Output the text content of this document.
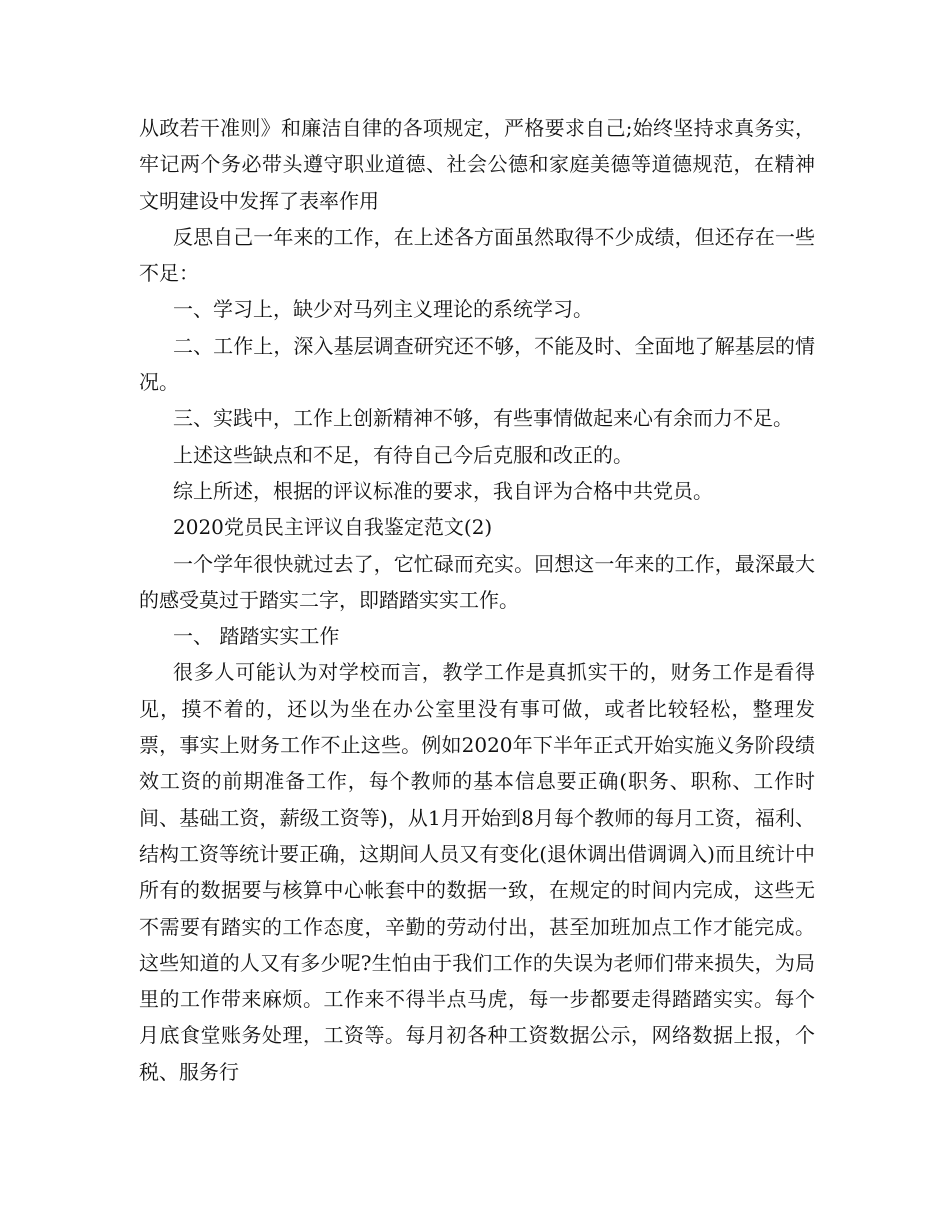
从政若干准则》和廉洁自律的各项规定，严格要求自己;始终坚持求真务实，牢记两个务必带头遵守职业道德、社会公德和家庭美德等道德规范，在精神文明建设中发挥了表率作用

反思自己一年来的工作，在上述各方面虽然取得不少成绩，但还存在一些不足：

一、学习上，缺少对马列主义理论的系统学习。

二、工作上，深入基层调查研究还不够，不能及时、全面地了解基层的情况。

三、实践中，工作上创新精神不够，有些事情做起来心有余而力不足。

上述这些缺点和不足，有待自己今后克服和改正的。

综上所述，根据的评议标准的要求，我自评为合格中共党员。

2020党员民主评议自我鉴定范文(2)

一个学年很快就过去了，它忙碌而充实。回想这一年来的工作，最深最大的感受莫过于踏实二字，即踏踏实实工作。

一、 踏踏实实工作

很多人可能认为对学校而言，教学工作是真抓实干的，财务工作是看得见，摸不着的，还以为坐在办公室里没有事可做，或者比较轻松，整理发票，事实上财务工作不止这些。例如2020年下半年正式开始实施义务阶段绩效工资的前期准备工作，每个教师的基本信息要正确(职务、职称、工作时间、基础工资，薪级工资等)，从1月开始到8月每个教师的每月工资，福利、结构工资等统计要正确，这期间人员又有变化(退休调出借调调入)而且统计中所有的数据要与核算中心帐套中的数据一致，在规定的时间内完成，这些无不需要有踏实的工作态度，辛勤的劳动付出，甚至加班加点工作才能完成。这些知道的人又有多少呢?生怕由于我们工作的失误为老师们带来损失，为局里的工作带来麻烦。工作来不得半点马虎，每一步都要走得踏踏实实。每个月底食堂账务处理，工资等。每月初各种工资数据公示，网络数据上报，个税、服务行
